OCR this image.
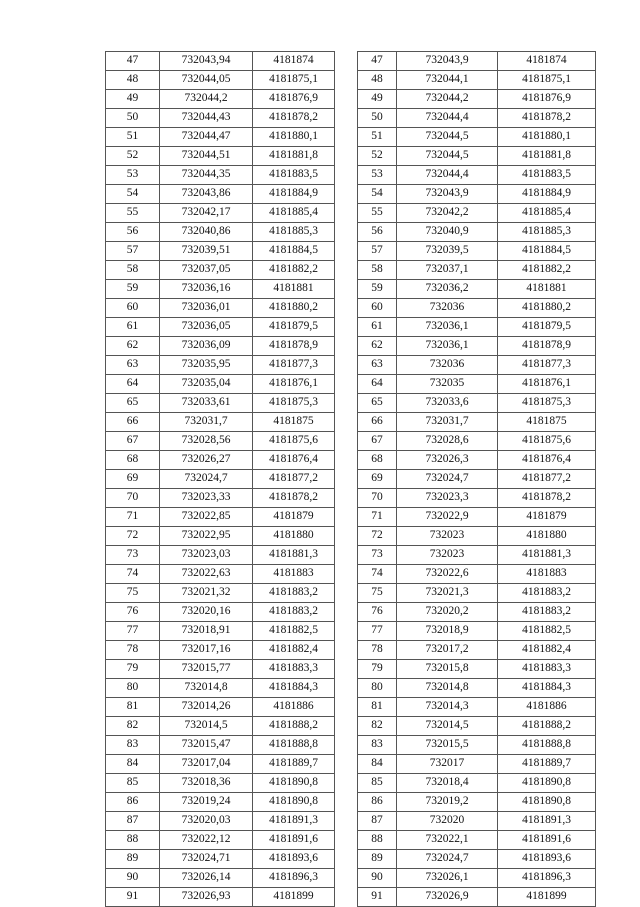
47	732043,94	4181874
48	732044,05	4181875,1
49	732044,2	4181876,9
50	732044,43	4181878,2
51	732044,47	4181880,1
52	732044,51	4181881,8
53	732044,35	4181883,5
54	732043,86	4181884,9
55	732042,17	4181885,4
56	732040,86	4181885,3
57	732039,51	4181884,5
58	732037,05	4181882,2
59	732036,16	4181881
60	732036,01	4181880,2
61	732036,05	4181879,5
62	732036,09	4181878,9
63	732035,95	4181877,3
64	732035,04	4181876,1
65	732033,61	4181875,3
66	732031,7	4181875
67	732028,56	4181875,6
68	732026,27	4181876,4
69	732024,7	4181877,2
70	732023,33	4181878,2
71	732022,85	4181879
72	732022,95	4181880
73	732023,03	4181881,3
74	732022,63	4181883
75	732021,32	4181883,2
76	732020,16	4181883,2
77	732018,91	4181882,5
78	732017,16	4181882,4
79	732015,77	4181883,3
80	732014,8	4181884,3
81	732014,26	4181886
82	732014,5	4181888,2
83	732015,47	4181888,8
84	732017,04	4181889,7
85	732018,36	4181890,8
86	732019,24	4181890,8
87	732020,03	4181891,3
88	732022,12	4181891,6
89	732024,71	4181893,6
90	732026,14	4181896,3
91	732026,93	4181899
47	732043,9	4181874
48	732044,1	4181875,1
49	732044,2	4181876,9
50	732044,4	4181878,2
51	732044,5	4181880,1
52	732044,5	4181881,8
53	732044,4	4181883,5
54	732043,9	4181884,9
55	732042,2	4181885,4
56	732040,9	4181885,3
57	732039,5	4181884,5
58	732037,1	4181882,2
59	732036,2	4181881
60	732036	4181880,2
61	732036,1	4181879,5
62	732036,1	4181878,9
63	732036	4181877,3
64	732035	4181876,1
65	732033,6	4181875,3
66	732031,7	4181875
67	732028,6	4181875,6
68	732026,3	4181876,4
69	732024,7	4181877,2
70	732023,3	4181878,2
71	732022,9	4181879
72	732023	4181880
73	732023	4181881,3
74	732022,6	4181883
75	732021,3	4181883,2
76	732020,2	4181883,2
77	732018,9	4181882,5
78	732017,2	4181882,4
79	732015,8	4181883,3
80	732014,8	4181884,3
81	732014,3	4181886
82	732014,5	4181888,2
83	732015,5	4181888,8
84	732017	4181889,7
85	732018,4	4181890,8
86	732019,2	4181890,8
87	732020	4181891,3
88	732022,1	4181891,6
89	732024,7	4181893,6
90	732026,1	4181896,3
91	732026,9	4181899
